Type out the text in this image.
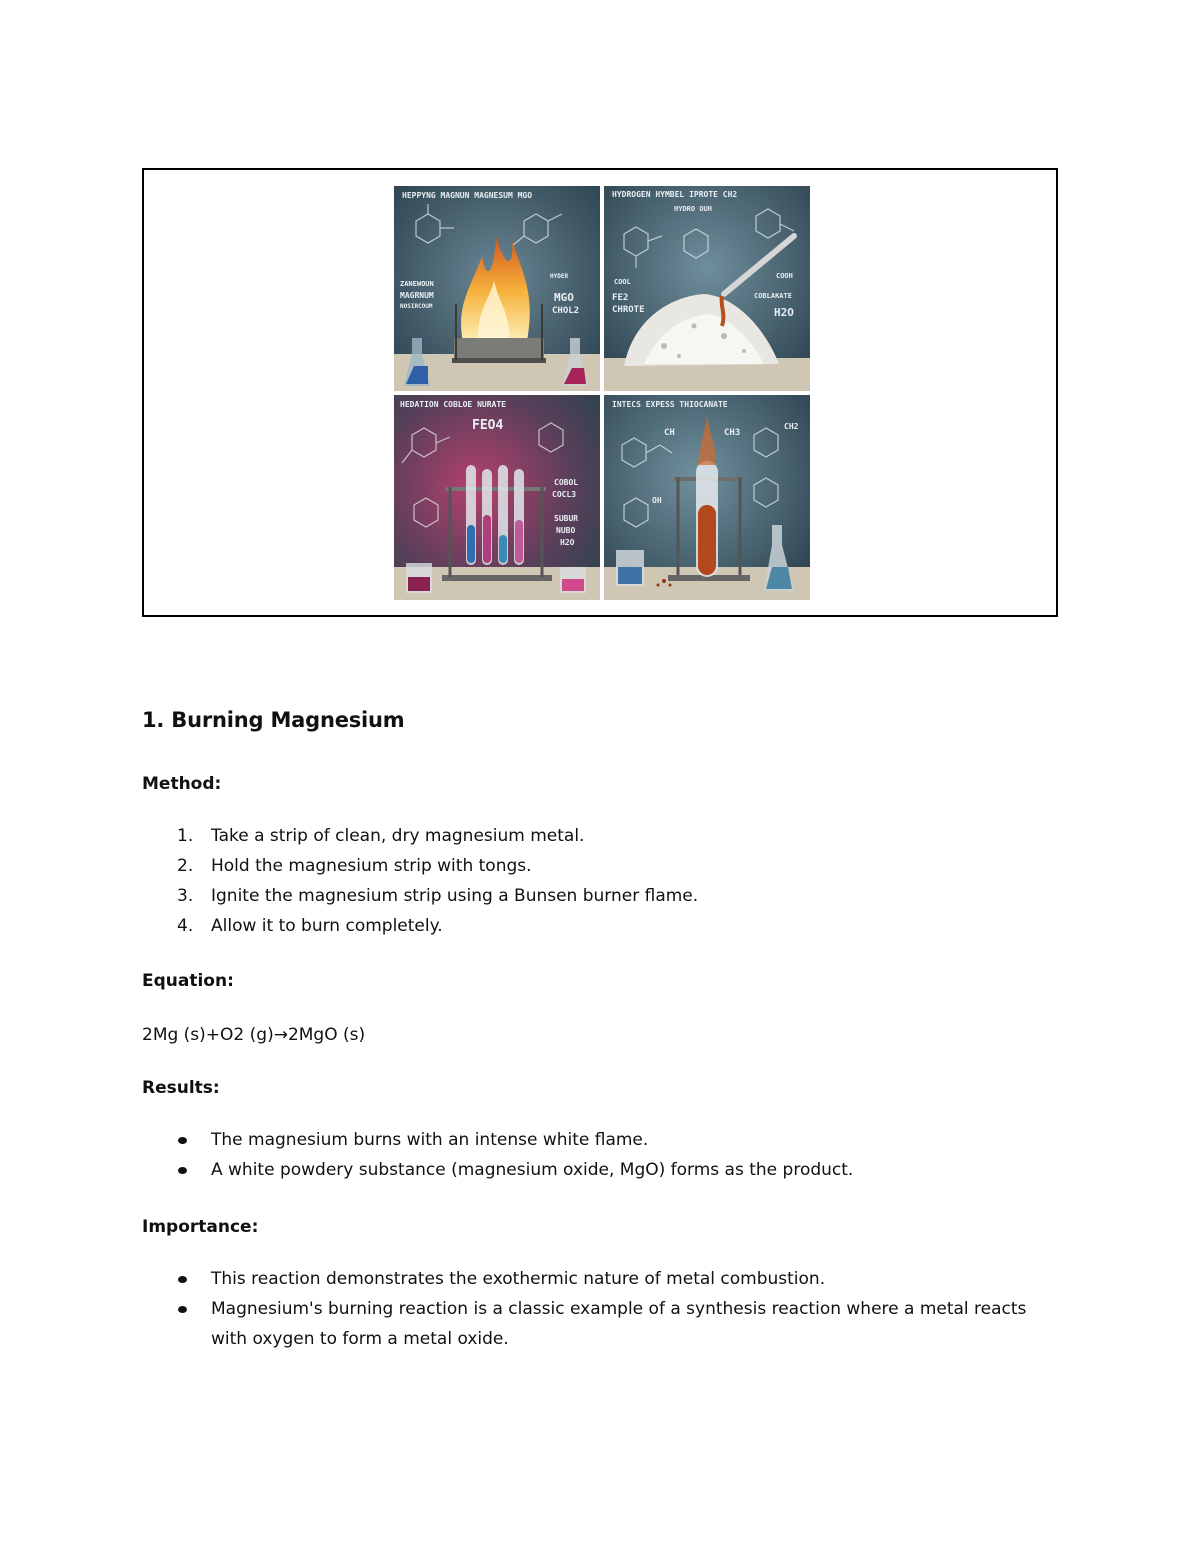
HEPPYNG MAGNUN MAGNESUM MGO
ZANEWOUN
MAGRNUM
NOSIRCOUM
MGO
CHOL2
HYDER
HYDROGEN HYMBEL IPROTE CH2
HYDRO OUH
COOL
FE2
CHROTE
COOH
COBLAKATE
H2O
HEDATION COBLOE NURATE
FEO4
COBOL
COCL3
SUBUR
NUBO
H2O
INTECS EXPESS THIOCANATE
CH2
CH	CH3
OH
1. Burning Magnesium

Method:

1. Take a strip of clean, dry magnesium metal.
2. Hold the magnesium strip with tongs.
3. Ignite the magnesium strip using a Bunsen burner flame.
4. Allow it to burn completely.

Equation:

2Mg (s)+O2 (g)→2MgO (s)

Results:

The magnesium burns with an intense white flame.
A white powdery substance (magnesium oxide, MgO) forms as the product.

Importance:

This reaction demonstrates the exothermic nature of metal combustion.
Magnesium's burning reaction is a classic example of a synthesis reaction where a metal reacts with oxygen to form a metal oxide.
